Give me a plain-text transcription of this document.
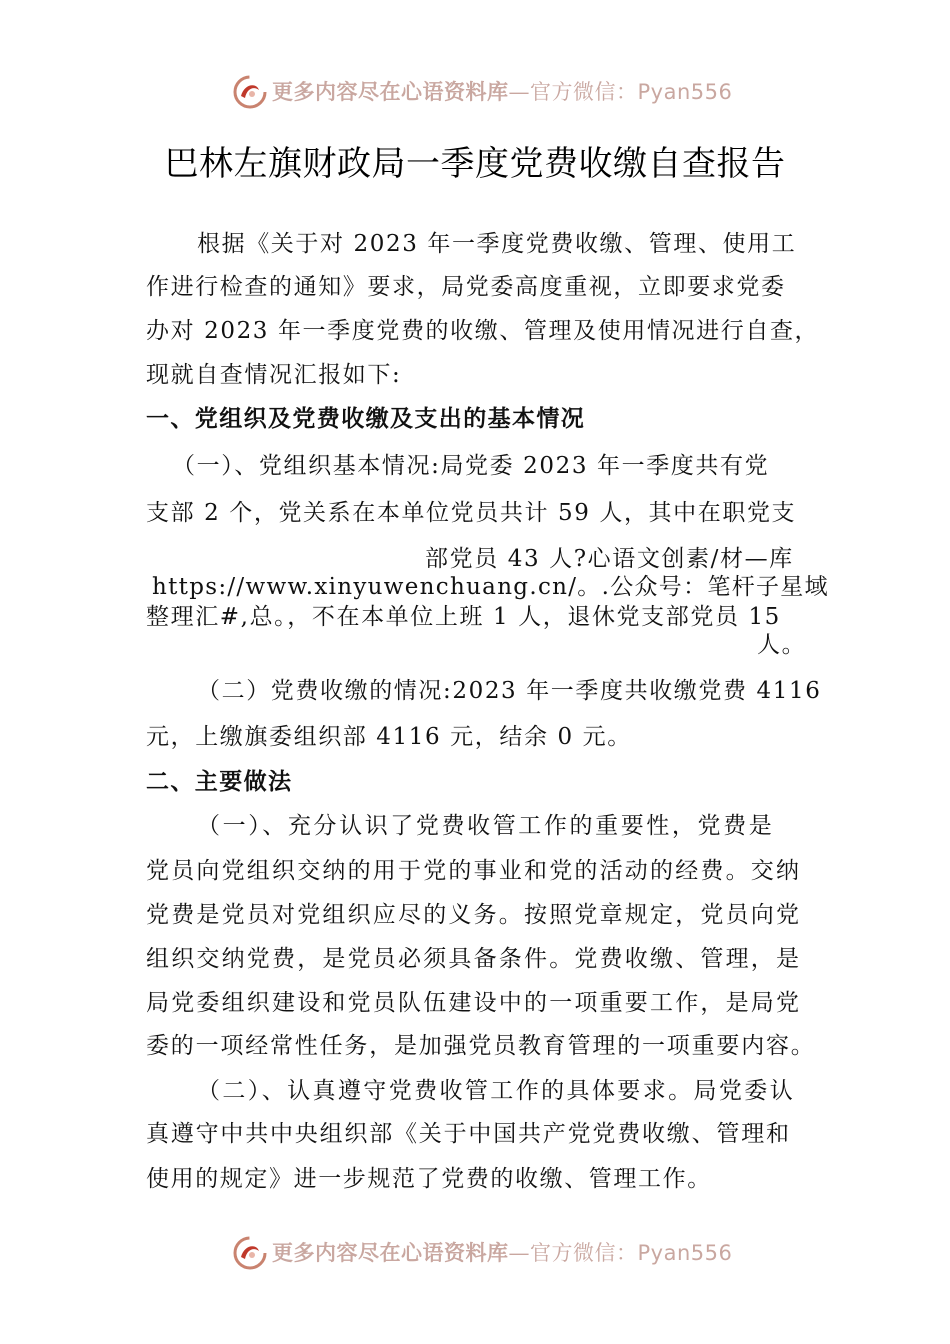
更多内容尽在心语资料库—官方微信：Pyan556
巴林左旗财政局一季度党费收缴自查报告
根据《关于对 2023 年一季度党费收缴、管理、使用工
作进行检查的通知》要求，局党委高度重视，立即要求党委
办对 2023 年一季度党费的收缴、管理及使用情况进行自查，
现就自查情况汇报如下:
一、党组织及党费收缴及支出的基本情况
（一）、党组织基本情况:局党委 2023 年一季度共有党
支部 2 个，党关系在本单位党员共计 59 人，其中在职党支
部党员 43 人?心语文创素/材—库
https://www.xinyuwenchuang.cn/。.公众号：笔杆子星域
整理汇#,总。，不在本单位上班 1 人，退休党支部党员 15
人。
（二）党费收缴的情况:2023 年一季度共收缴党费 4116
元，上缴旗委组织部 4116 元，结余 0 元。
二、主要做法
（一）、充分认识了党费收管工作的重要性，党费是
党员向党组织交纳的用于党的事业和党的活动的经费。交纳
党费是党员对党组织应尽的义务。按照党章规定，党员向党
组织交纳党费，是党员必须具备条件。党费收缴、管理，是
局党委组织建设和党员队伍建设中的一项重要工作，是局党
委的一项经常性任务，是加强党员教育管理的一项重要内容。
（二）、认真遵守党费收管工作的具体要求。局党委认
真遵守中共中央组织部《关于中国共产党党费收缴、管理和
使用的规定》进一步规范了党费的收缴、管理工作。
更多内容尽在心语资料库—官方微信：Pyan556
